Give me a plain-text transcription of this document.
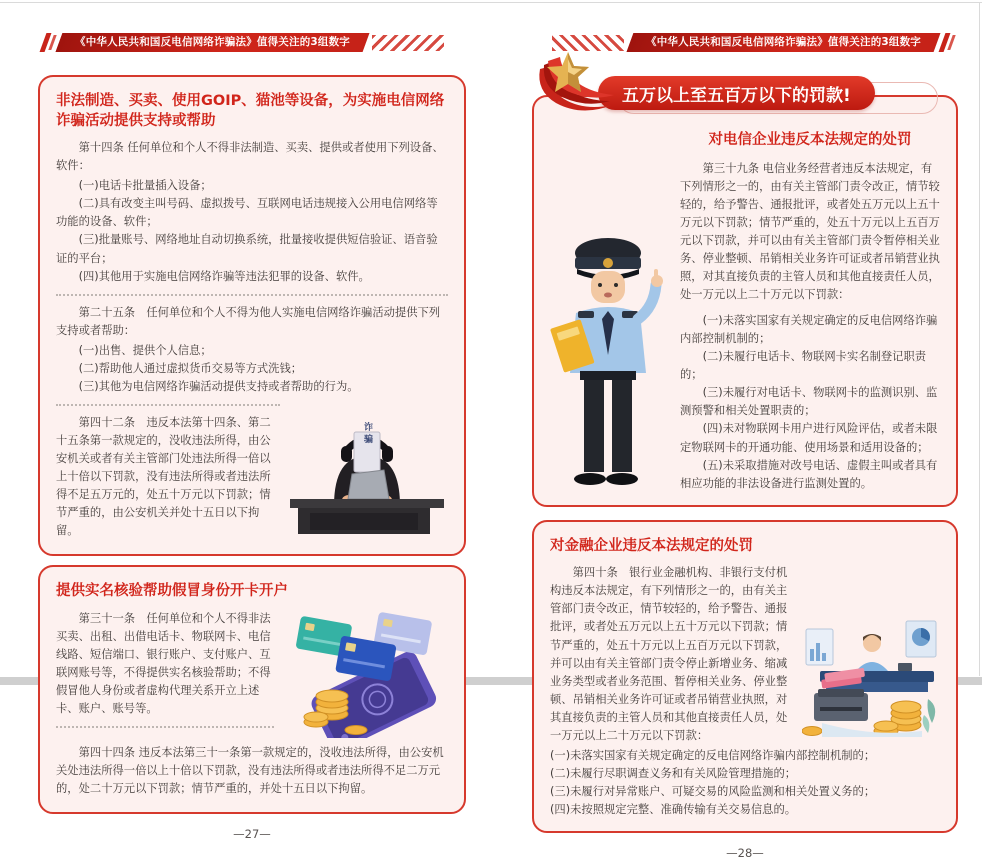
《中华人民共和国反电信网络诈骗法》值得关注的3组数字
非法制造、买卖、使用GOIP、猫池等设备，为实施电信网络诈骗活动提供支持或帮助

第十四条 任何单位和个人不得非法制造、买卖、提供或者使用下列设备、软件：

(一)电话卡批量插入设备；
(二)具有改变主叫号码、虚拟拨号、互联网电话违规接入公用电信网络等功能的设备、软件；
(三)批量账号、网络地址自动切换系统，批量接收提供短信验证、语音验证的平台；
(四)其他用于实施电信网络诈骗等违法犯罪的设备、软件。

第二十五条　任何单位和个人不得为他人实施电信网络诈骗活动提供下列支持或者帮助：

(一)出售、提供个人信息；
(二)帮助他人通过虚拟货币交易等方式洗钱；
(三)其他为电信网络诈骗活动提供支持或者帮助的行为。

第四十二条　违反本法第十四条、第二十五条第一款规定的，没收违法所得，由公安机关或者有关主管部门处违法所得一倍以上十倍以下罚款，没有违法所得或者违法所得不足五万元的，处五十万元以下罚款；情节严重的，由公安机关并处十五日以下拘留。

诈骗
提供实名核验帮助假冒身份开卡开户

第三十一条　任何单位和个人不得非法买卖、出租、出借电话卡、物联网卡、电信线路、短信端口、银行账户、支付账户、互联网账号等，不得提供实名核验帮助；不得假冒他人身份或者虚构代理关系开立上述卡、账户、账号等。

第四十四条 违反本法第三十一条第一款规定的，没收违法所得，由公安机关处违法所得一倍以上十倍以下罚款，没有违法所得或者违法所得不足二万元的，处二十万元以下罚款；情节严重的，并处十五日以下拘留。

—27—
《中华人民共和国反电信网络诈骗法》值得关注的3组数字
五万以上至五百万以下的罚款!
对电信企业违反本法规定的处罚

第三十九条 电信业务经营者违反本法规定，有下列情形之一的，由有关主管部门责令改正，情节较轻的，给予警告、通报批评，或者处五万元以上五十万元以下罚款；情节严重的，处五十万元以上五百万元以下罚款，并可以由有关主管部门责令暂停相关业务、停业整顿、吊销相关业务许可证或者吊销营业执照，对其直接负责的主管人员和其他直接责任人员，处一万元以上二十万元以下罚款：

(一)未落实国家有关规定确定的反电信网络诈骗内部控制机制的；
(二)未履行电话卡、物联网卡实名制登记职责的；
(三)未履行对电话卡、物联网卡的监测识别、监测预警和相关处置职责的；
(四)未对物联网卡用户进行风险评估，或者未限定物联网卡的开通功能、使用场景和适用设备的；
(五)未采取措施对改号电话、虚假主叫或者具有相应功能的非法设备进行监测处置的。
对金融企业违反本法规定的处罚

第四十条　银行业金融机构、非银行支付机构违反本法规定，有下列情形之一的，由有关主管部门责令改正，情节较轻的，给予警告、通报批评，或者处五万元以上五十万元以下罚款；情节严重的，处五十万元以上五百万元以下罚款，并可以由有关主管部门责令停止新增业务、缩减业务类型或者业务范围、暂停相关业务、停业整顿、吊销相关业务许可证或者吊销营业执照，对其直接负责的主管人员和其他直接责任人员，处一万元以上二十万元以下罚款：

(一)未落实国家有关规定确定的反电信网络诈骗内部控制机制的；
(二)未履行尽职调查义务和有关风险管理措施的；
(三)未履行对异常账户、可疑交易的风险监测和相关处置义务的；
(四)未按照规定完整、准确传输有关交易信息的。
—28—
